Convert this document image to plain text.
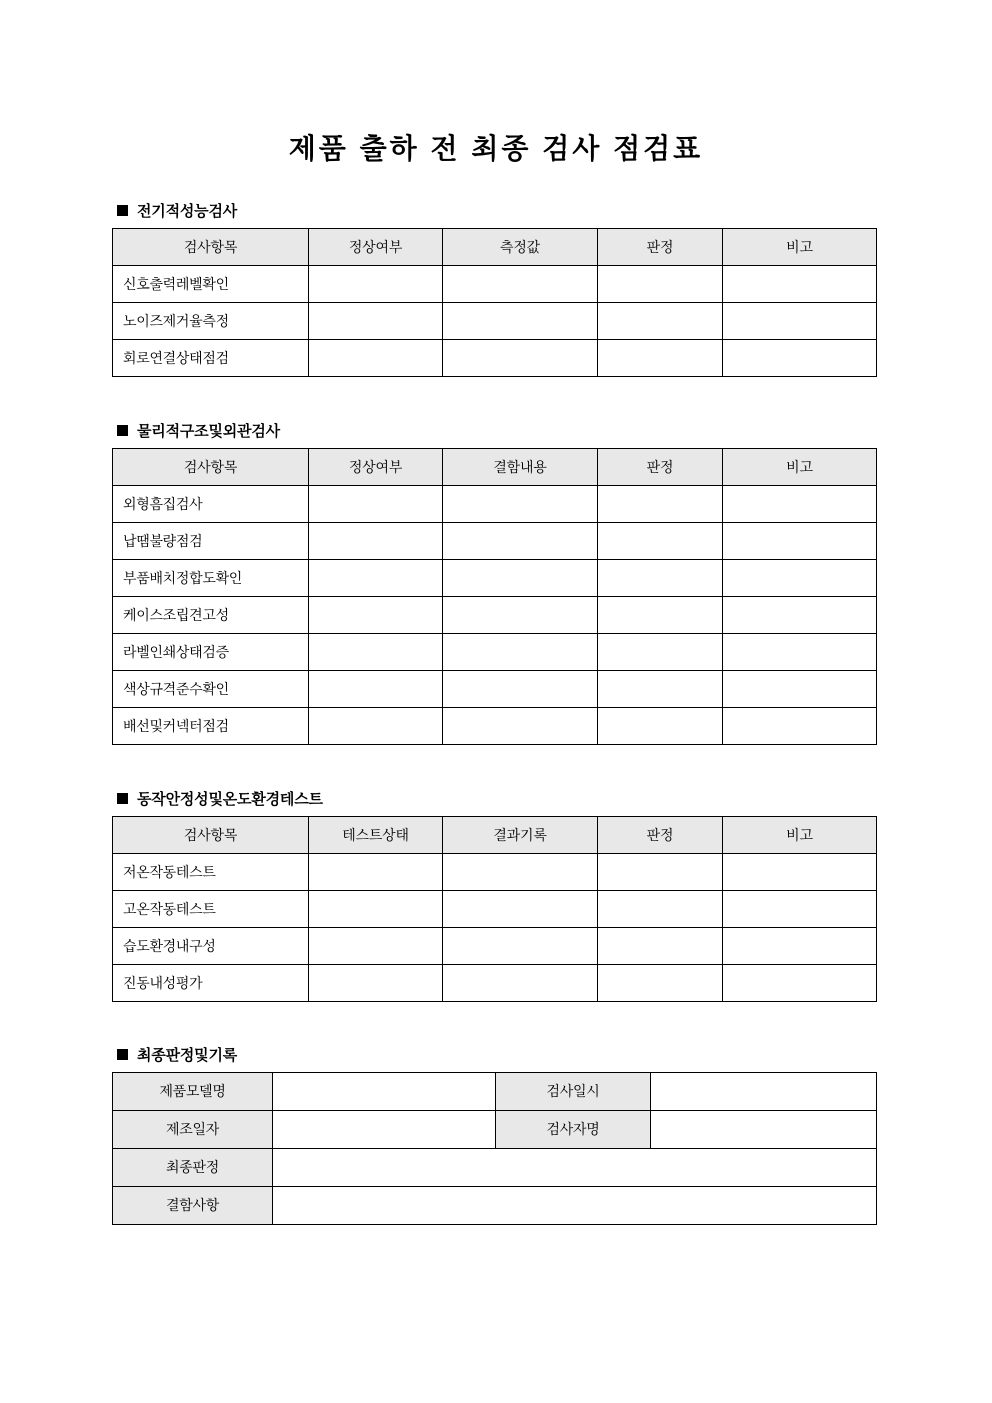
제품 출하 전 최종 검사 점검표
전기적성능검사
검사항목	정상여부	측정값	판정	비고
신호출력레벨확인				
노이즈제거율측정				
회로연결상태점검				
물리적구조및외관검사
검사항목	정상여부	결함내용	판정	비고
외형흠집검사				
납땜불량점검				
부품배치정합도확인				
케이스조립견고성				
라벨인쇄상태검증				
색상규격준수확인				
배선및커넥터점검				
동작안정성및온도환경테스트
검사항목	테스트상태	결과기록	판정	비고
저온작동테스트				
고온작동테스트				
습도환경내구성				
진동내성평가				
최종판정및기록
제품모델명		검사일시	
제조일자		검사자명	
최종판정			
결함사항			
